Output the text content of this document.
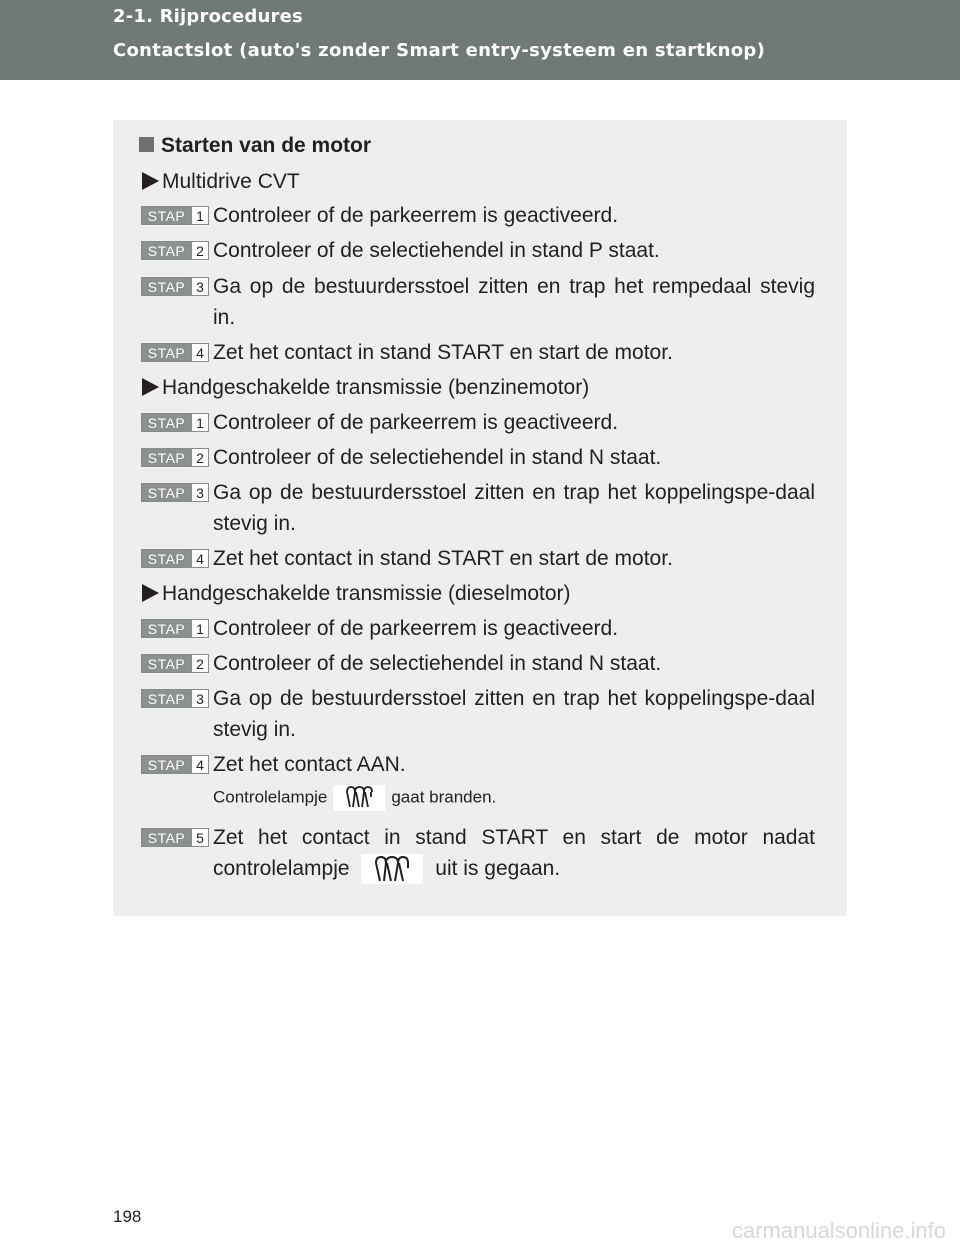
2-1. Rijprocedures
Contactslot (auto's zonder Smart entry-systeem en startknop)
Starten van de motor
Multidrive CVT
STAP 1 Controleer of de parkeerrem is geactiveerd.
STAP 2 Controleer of de selectiehendel in stand P staat.
STAP 3 Ga op de bestuurdersstoel zitten en trap het rempedaal stevig in.
STAP 4 Zet het contact in stand START en start de motor.
Handgeschakelde transmissie (benzinemotor)
STAP 1 Controleer of de parkeerrem is geactiveerd.
STAP 2 Controleer of de selectiehendel in stand N staat.
STAP 3 Ga op de bestuurdersstoel zitten en trap het koppelingspe-daal stevig in.
STAP 4 Zet het contact in stand START en start de motor.
Handgeschakelde transmissie (dieselmotor)
STAP 1 Controleer of de parkeerrem is geactiveerd.
STAP 2 Controleer of de selectiehendel in stand N staat.
STAP 3 Ga op de bestuurdersstoel zitten en trap het koppelingspe-daal stevig in.
STAP 4 Zet het contact AAN.
Controlelampje	gaat branden.
STAP 5 Zet het contact in stand START en start de motor nadat controlelampje	uit is gegaan.
198
carmanualsonline.info
